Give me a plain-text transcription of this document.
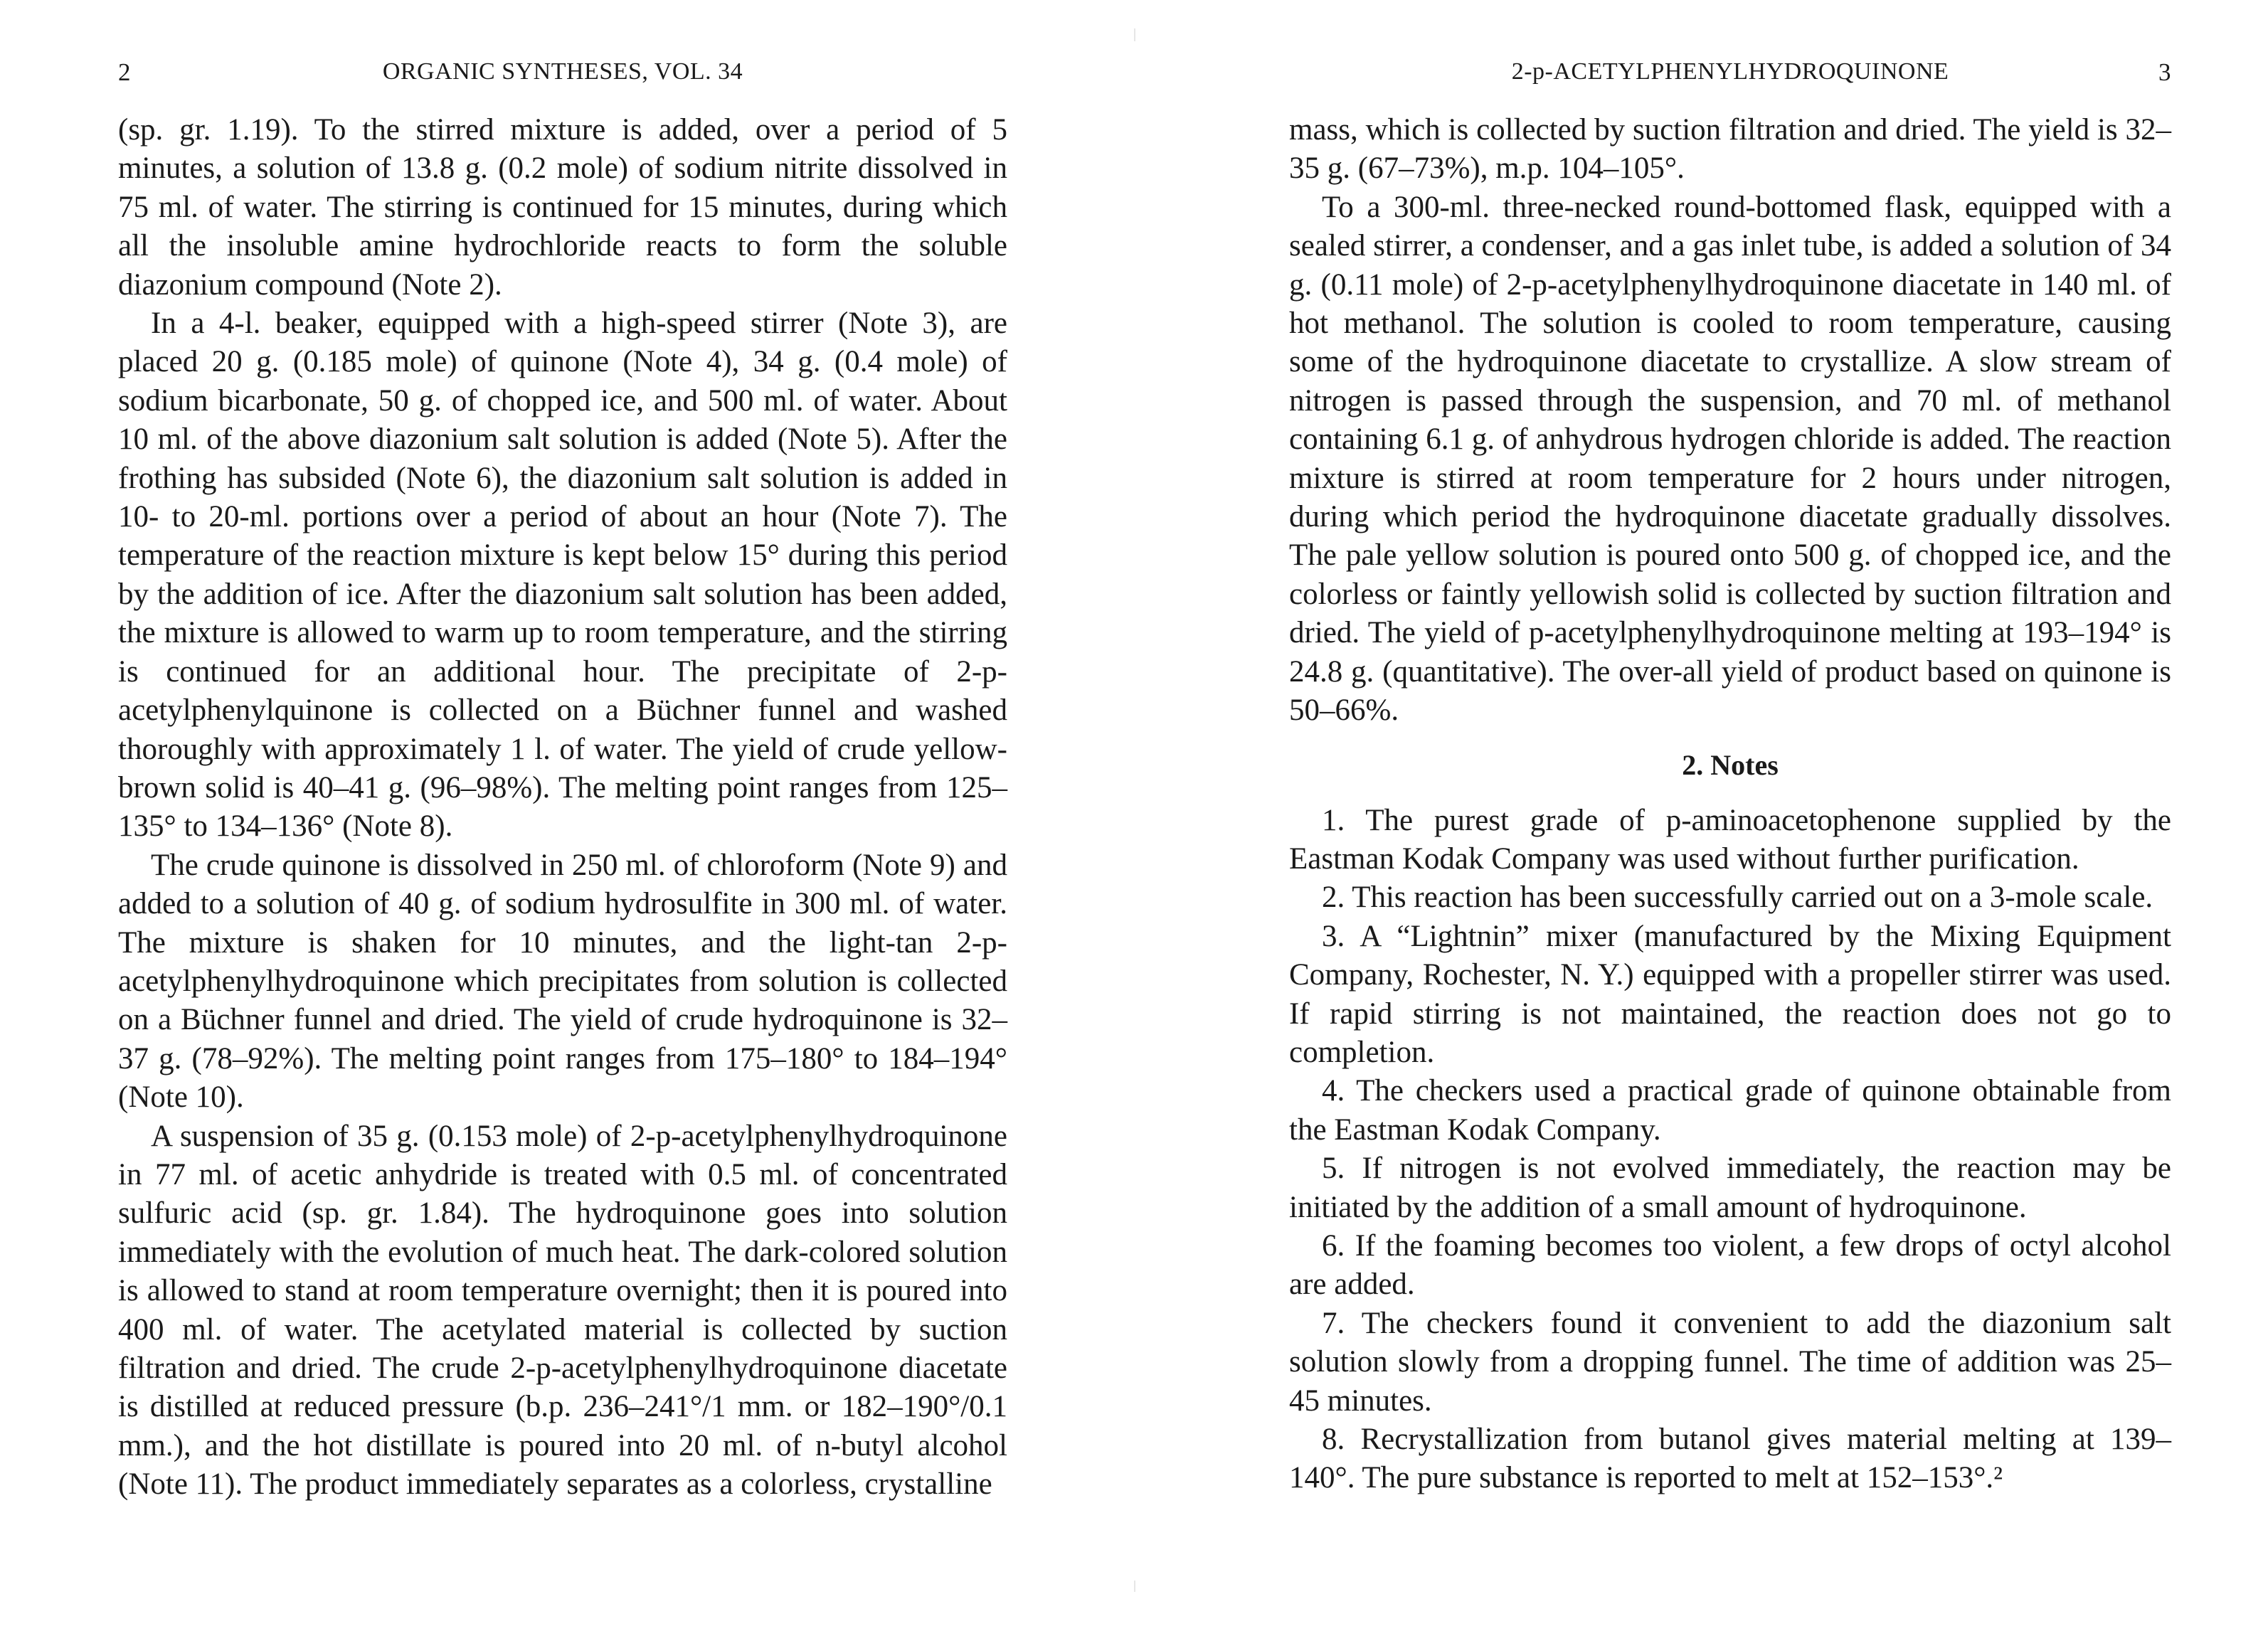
ORGANIC SYNTHESES, VOL. 34
2

(sp. gr. 1.19). To the stirred mixture is added, over a period of 5 minutes, a solution of 13.8 g. (0.2 mole) of sodium nitrite dissolved in 75 ml. of water. The stirring is continued for 15 minutes, during which all the insoluble amine hydrochloride reacts to form the soluble diazonium compound (Note 2).

In a 4-l. beaker, equipped with a high-speed stirrer (Note 3), are placed 20 g. (0.185 mole) of quinone (Note 4), 34 g. (0.4 mole) of sodium bicarbonate, 50 g. of chopped ice, and 500 ml. of water. About 10 ml. of the above diazonium salt solution is added (Note 5). After the frothing has subsided (Note 6), the diazonium salt solution is added in 10- to 20-ml. portions over a period of about an hour (Note 7). The temperature of the reaction mixture is kept below 15° during this period by the addition of ice. After the diazonium salt solution has been added, the mixture is allowed to warm up to room temperature, and the stirring is continued for an additional hour. The precipitate of 2-p-acetylphenylquinone is collected on a Büchner funnel and washed thoroughly with approximately 1 l. of water. The yield of crude yellow-brown solid is 40–41 g. (96–98%). The melting point ranges from 125–135° to 134–136° (Note 8).

The crude quinone is dissolved in 250 ml. of chloroform (Note 9) and added to a solution of 40 g. of sodium hydrosulfite in 300 ml. of water. The mixture is shaken for 10 minutes, and the light-tan 2-p-acetylphenylhydroquinone which precipitates from solution is collected on a Büchner funnel and dried. The yield of crude hydroquinone is 32–37 g. (78–92%). The melting point ranges from 175–180° to 184–194° (Note 10).

A suspension of 35 g. (0.153 mole) of 2-p-acetylphenylhydroquinone in 77 ml. of acetic anhydride is treated with 0.5 ml. of concentrated sulfuric acid (sp. gr. 1.84). The hydroquinone goes into solution immediately with the evolution of much heat. The dark-colored solution is allowed to stand at room temperature overnight; then it is poured into 400 ml. of water. The acetylated material is collected by suction filtration and dried. The crude 2-p-acetylphenylhydroquinone diacetate is distilled at reduced pressure (b.p. 236–241°/1 mm. or 182–190°/0.1 mm.), and the hot distillate is poured into 20 ml. of n-butyl alcohol (Note 11). The product immediately separates as a colorless, crystalline

2-p-ACETYLPHENYLHYDROQUINONE	3

mass, which is collected by suction filtration and dried. The yield is 32–35 g. (67–73%), m.p. 104–105°.

To a 300-ml. three-necked round-bottomed flask, equipped with a sealed stirrer, a condenser, and a gas inlet tube, is added a solution of 34 g. (0.11 mole) of 2-p-acetylphenylhydroquinone diacetate in 140 ml. of hot methanol. The solution is cooled to room temperature, causing some of the hydroquinone diacetate to crystallize. A slow stream of nitrogen is passed through the suspension, and 70 ml. of methanol containing 6.1 g. of anhydrous hydrogen chloride is added. The reaction mixture is stirred at room temperature for 2 hours under nitrogen, during which period the hydroquinone diacetate gradually dissolves. The pale yellow solution is poured onto 500 g. of chopped ice, and the colorless or faintly yellowish solid is collected by suction filtration and dried. The yield of p-acetylphenylhydroquinone melting at 193–194° is 24.8 g. (quantitative). The over-all yield of product based on quinone is 50–66%.

2. Notes

1. The purest grade of p-aminoacetophenone supplied by the Eastman Kodak Company was used without further purification.

2. This reaction has been successfully carried out on a 3-mole scale.

3. A “Lightnin” mixer (manufactured by the Mixing Equipment Company, Rochester, N. Y.) equipped with a propeller stirrer was used. If rapid stirring is not maintained, the reaction does not go to completion.

4. The checkers used a practical grade of quinone obtainable from the Eastman Kodak Company.

5. If nitrogen is not evolved immediately, the reaction may be initiated by the addition of a small amount of hydroquinone.

6. If the foaming becomes too violent, a few drops of octyl alcohol are added.

7. The checkers found it convenient to add the diazonium salt solution slowly from a dropping funnel. The time of addition was 25–45 minutes.

8. Recrystallization from butanol gives material melting at 139–140°. The pure substance is reported to melt at 152–153°.²
